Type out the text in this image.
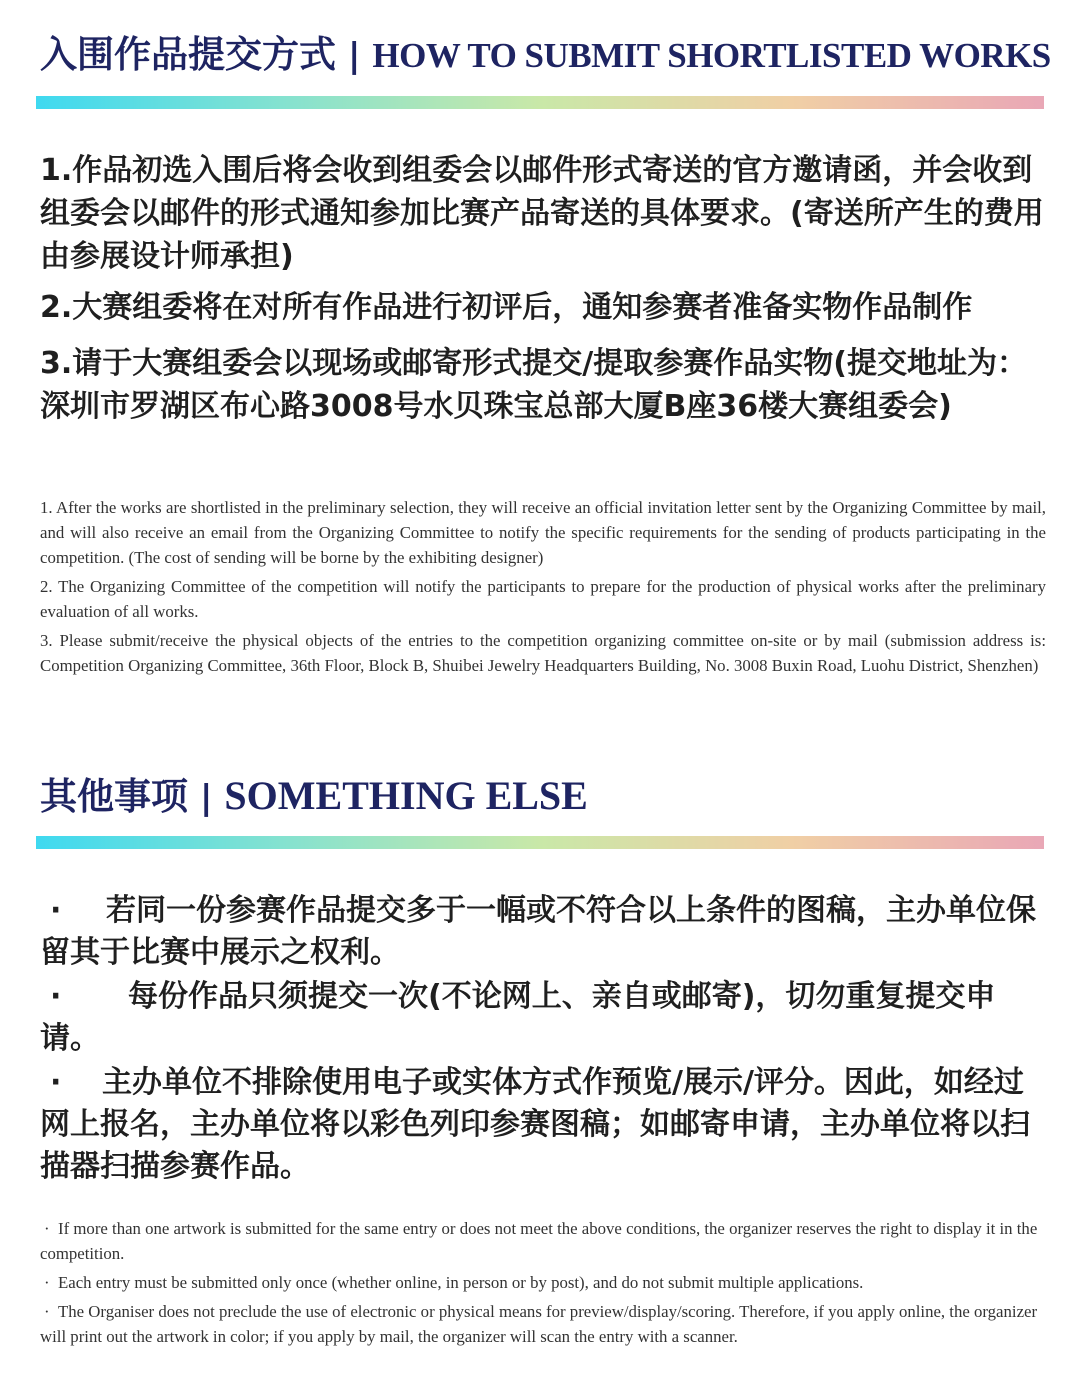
入围作品提交方式 | HOW TO SUBMIT SHORTLISTED WORKS

1.作品初选入围后将会收到组委会以邮件形式寄送的官方邀请函，并会收到组委会以邮件的形式通知参加比赛产品寄送的具体要求。(寄送所产生的费用由参展设计师承担)

2.大赛组委将在对所有作品进行初评后，通知参赛者准备实物作品制作

3.请于大赛组委会以现场或邮寄形式提交/提取参赛作品实物(提交地址为：深圳市罗湖区布心路3008号水贝珠宝总部大厦B座36楼大赛组委会)

1. After the works are shortlisted in the preliminary selection, they will receive an official invitation letter sent by the Organizing Committee by mail, and will also receive an email from the Organizing Committee to notify the specific requirements for the sending of products participating in the competition. (The cost of sending will be borne by the exhibiting designer)

2. The Organizing Committee of the competition will notify the participants to prepare for the production of physical works after the preliminary evaluation of all works.

3. Please submit/receive the physical objects of the entries to the competition organizing committee on-site or by mail (submission address is: Competition Organizing Committee, 36th Floor, Block B, Shuibei Jewelry Headquarters Building, No. 3008 Buxin Road, Luohu District, Shenzhen)

其他事项 | SOMETHING ELSE

· 若同一份参赛作品提交多于一幅或不符合以上条件的图稿，主办单位保留其于比赛中展示之权利。

· 每份作品只须提交一次(不论网上、亲自或邮寄)，切勿重复提交申请。

· 主办单位不排除使用电子或实体方式作预览/展示/评分。因此，如经过网上报名，主办单位将以彩色列印参赛图稿；如邮寄申请，主办单位将以扫描器扫描参赛作品。

· If more than one artwork is submitted for the same entry or does not meet the above conditions, the organizer reserves the right to display it in the competition.

· Each entry must be submitted only once (whether online, in person or by post), and do not submit multiple applications.

· The Organiser does not preclude the use of electronic or physical means for preview/display/scoring. Therefore, if you apply online, the organizer will print out the artwork in color; if you apply by mail, the organizer will scan the entry with a scanner.
